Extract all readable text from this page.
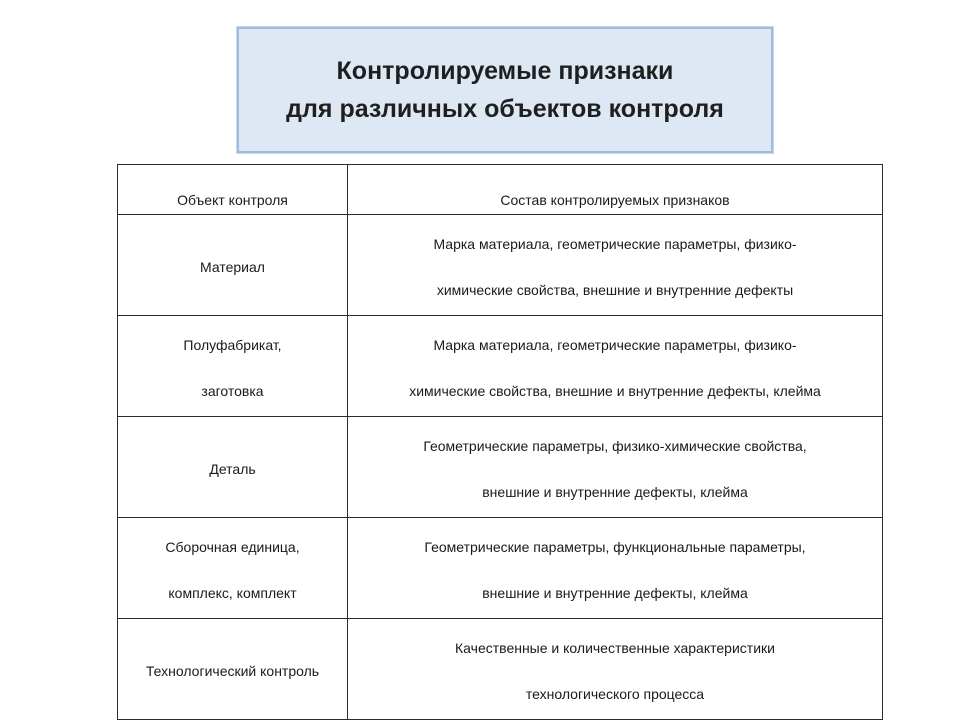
Контролируемые признаки
для различных объектов контроля
Объект контроля	Состав контролируемых признаков

Материал	Марка материала, геометрические параметры, физико-
химические свойства, внешние и внутренние дефекты

Полуфабрикат,
заготовка	Марка материала, геометрические параметры, физико-
химические свойства, внешние и внутренние дефекты, клейма

Деталь	Геометрические параметры, физико-химические свойства,
внешние и внутренние дефекты, клейма

Сборочная единица,
комплекс, комплект	Геометрические параметры, функциональные параметры,
внешние и внутренние дефекты, клейма

Технологический контроль	Качественные и количественные характеристики
технологического процесса
